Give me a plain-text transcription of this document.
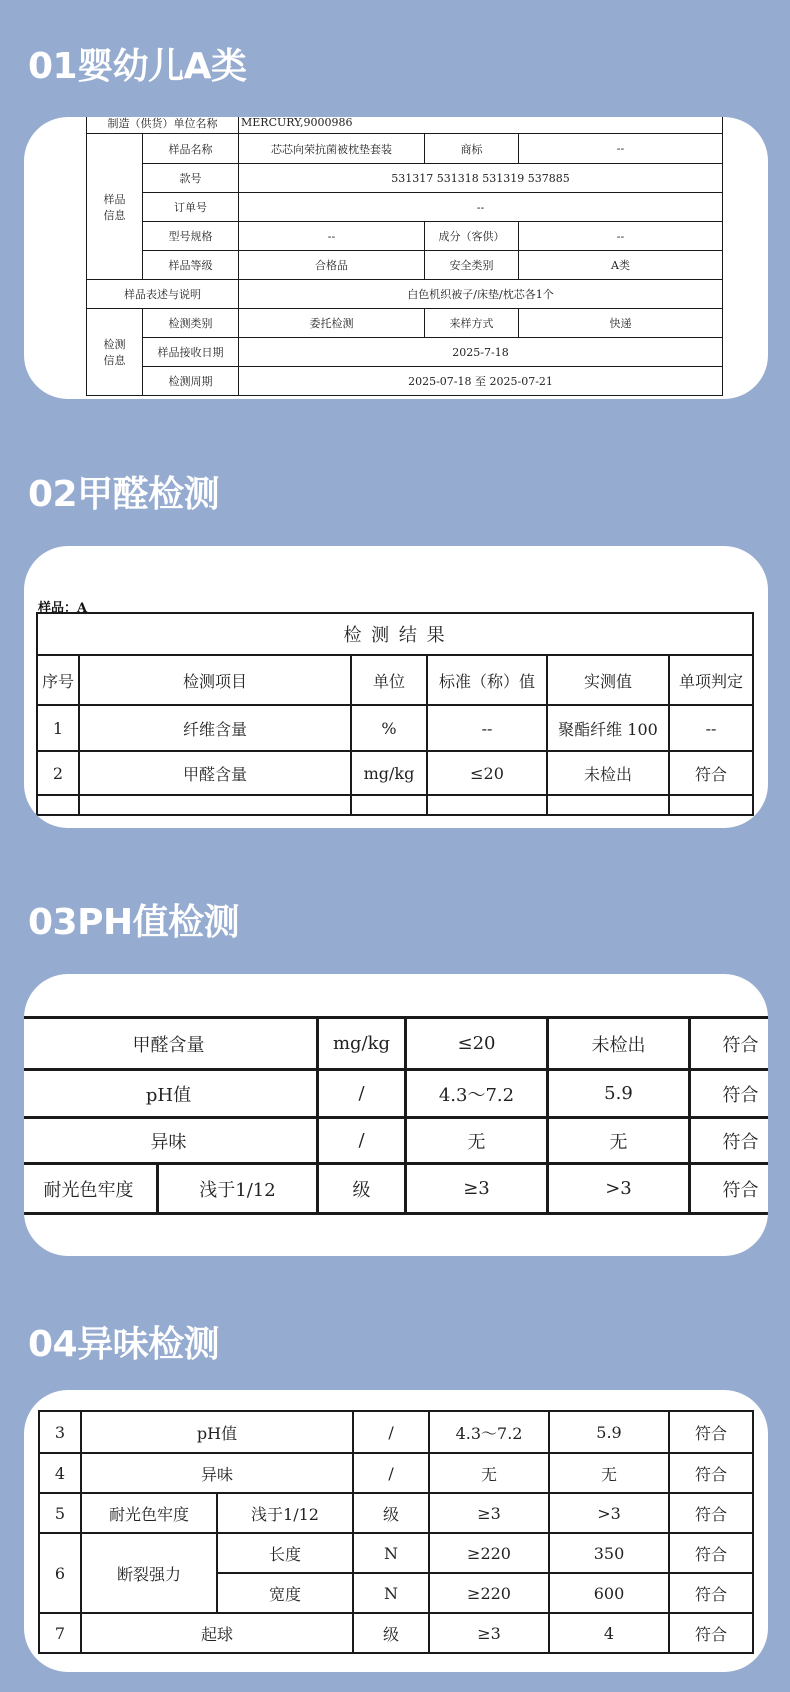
01婴幼儿A类
制造（供货）单位名称		MERCURY,9000986		
样品
信息	样品名称	芯芯向荣抗菌被枕垫套装	商标	--
	款号	531317 531318 531319 537885		
	订单号	--		
	型号规格	--	成分（客供）	--
	样品等级	合格品	安全类别	A类
样品表述与说明		白色机织被子/床垫/枕芯各1个		
检测
信息	检测类别	委托检测	来样方式	快递
	样品接收日期	2025-7-18		
	检测周期	2025-07-18 至 2025-07-21		
02甲醛检测
样品：A
检 测 结 果					
序号	检测项目	单位	标准（称）值	实测值	单项判定
1	纤维含量	%	--	聚酯纤维 100	--
2	甲醛含量	mg/kg	≤20	未检出	符合

03PH值检测
甲醛含量		mg/kg	≤20	未检出	符合
pH值		/	4.3～7.2	5.9	符合
异味		/	无	无	符合
耐光色牢度	浅于1/12	级	≥3	>3	符合
04异味检测
3	pH值		/	4.3～7.2	5.9	符合
4	异味		/	无	无	符合
5	耐光色牢度	浅于1/12	级	≥3	>3	符合
6	断裂强力	长度	N	≥220	350	符合
		宽度	N	≥220	600	符合
7	起球		级	≥3	4	符合
